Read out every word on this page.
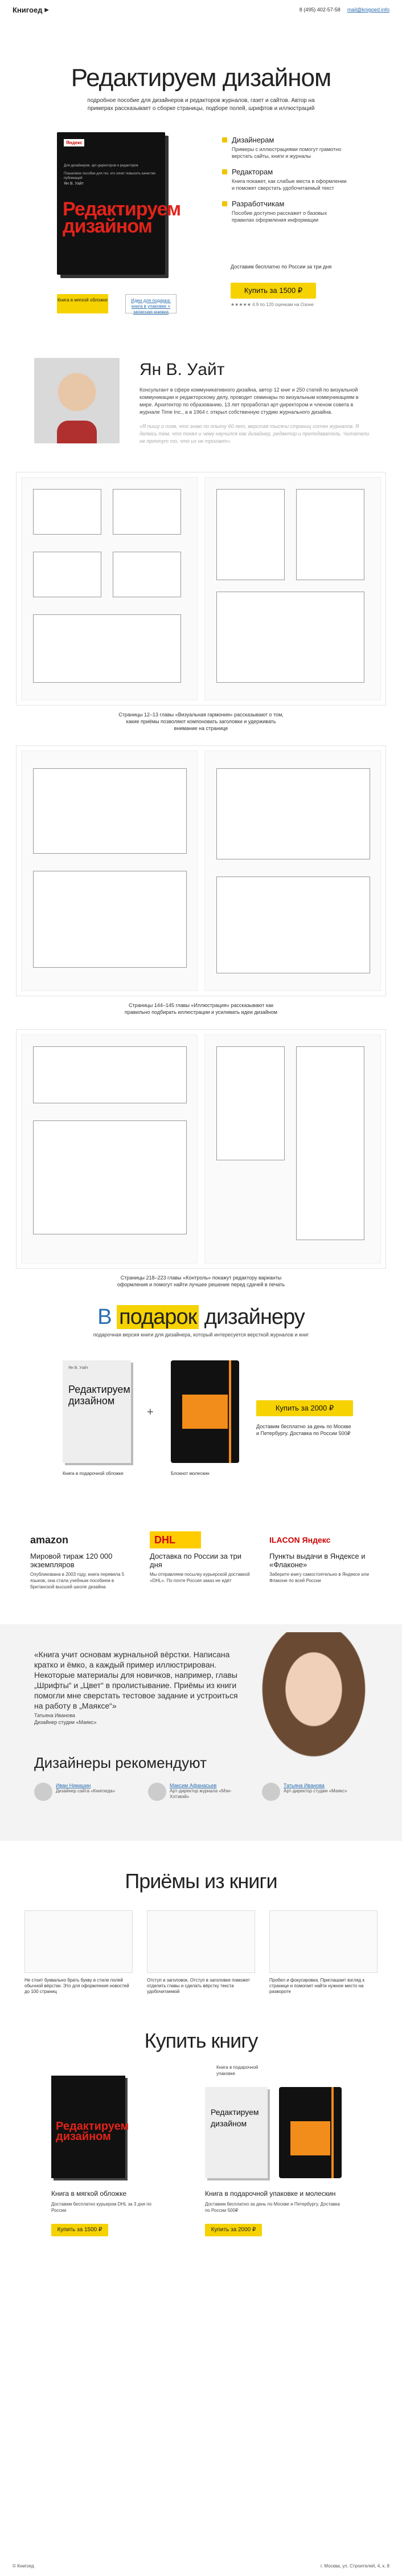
Книгоед ▶	8 (495) 402-57-58 mail@knigoed.info
Редактируем дизайном

подробное пособие для дизайнеров и редакторов журналов, газет и сайтов. Автор на примерах рассказывает о сборке страницы, подборе полей, шрифтов и иллюстраций

Яндекс
Для дизайнеров, арт-директоров и редакторов
Пошаговое пособие для тех, кто хочет повысить качество публикаций
Ян В. Уайт
Редактируем дизайном
Дизайнерам
Примеры с иллюстрациями помогут грамотно верстать сайты, книги и журналы
Редакторам
Книга покажет, как слабые места в оформлении и поможет сверстать удобочитаемый текст
Разработчикам
Пособие доступно расскажет о базовых правилах оформления информации
Доставим бесплатно по России за три дня
Купить за 1500 ₽
★★★★★ 4.9 по 120 оценкам на Озоне
Книга в мягкой обложке	Идеи для подарка: книга в упаковке + записная книжка
Ян В. Уайт

Консультант в сфере коммуникативного дизайна, автор 12 книг и 250 статей по визуальной коммуникации и редакторскому делу, проводит семинары по визуальным коммуникациям в мире. Архитектор по образованию, 13 лет проработал арт-директором и членом совета в журнале Time Inc., а в 1964 г. открыл собственную студию журнального дизайна.

«Я пишу о том, что знаю по опыту 60 лет, верстая тысячи страниц сотен журналов. Я делюсь тем, что понял и чему научился как дизайнер, редактор и преподаватель. Читатели не прочтут то, что их не трогает».

Страницы 12–13 главы «Визуальная гармония» рассказывают о том, какие приёмы позволяют компоновать заголовки и удерживать внимание на странице

Страницы 144–145 главы «Иллюстрация» рассказывают как правильно подбирать иллюстрации и усиливать идеи дизайном

Страницы 218–223 главы «Контроль» покажут редактору варианты оформления и помогут найти лучшее решение перед сдачей в печать

В подарок дизайнеру

подарочная версия книги для дизайнера, который интересуется версткой журналов и книг

Ян В. Уайт
Редактируем дизайном
+	Купить за 2000 ₽
Доставим бесплатно за день по Москве и Петербургу. Доставка по России 500₽
Книга в подарочной обложке	Блокнот молескин
amazon
Мировой тираж 120 000 экземпляров
Опубликована в 2003 году, книга перевела 5 языков, она стала учебным пособием в британской высшей школе дизайна
DHL
Доставка по России за три дня
Мы отправляем посылку курьерской доставкой «DHL». По почте Россия заказ не идёт
ILACON Яндекс
Пункты выдачи в Яндексе и «Флаконе»
Заберите книгу самостоятельно в Яндексе или Флаконе по всей России

«Книга учит основам журнальной вёрстки. Написана кратко и ёмко, а каждый пример иллюстрирован. Некоторые материалы для новичков, например, главы „Шрифты“ и „Цвет“ в пролистывание. Приёмы из книги помогли мне сверстать тестовое задание и устроиться на работу в „Маяксе“»

Татьяна Иванова
Дизайнер студии «Маякс»
Дизайнеры рекомендуют
Иван Никишин
Дизайнер сайта «Книгоеда»
Максим Афанасьев
Арт-директор журнала «Мэн-Хэтэвэй»
Татьяна Иванова
Арт-директор студии «Маякс»
Приёмы из книги

Не стоит буквально брать букву в стиле полей обычной вёрстки. Это для оформления новостей до 100 страниц

Отступ и заголовок. Отступ в заголовке поможет отделить главы и сделать вёрстку текста удобочитаемой

Пробел и фокусировка. Приглашает взгляд к странице и помогает найти нужное место на развороте

Купить книгу
Редактируем дизайном
Книга в мягкой обложке
Доставим бесплатно курьером DHL за 3 дня по России
Купить за 1500 ₽
Книга в подарочной упаковке
Редактируем дизайном
Книга в подарочной упаковке и молескин
Доставим бесплатно за день по Москве и Петербургу. Доставка по России 500₽
Купить за 2000 ₽
© Книгоед	г. Москва, ул. Строителей, 4, к. 8
